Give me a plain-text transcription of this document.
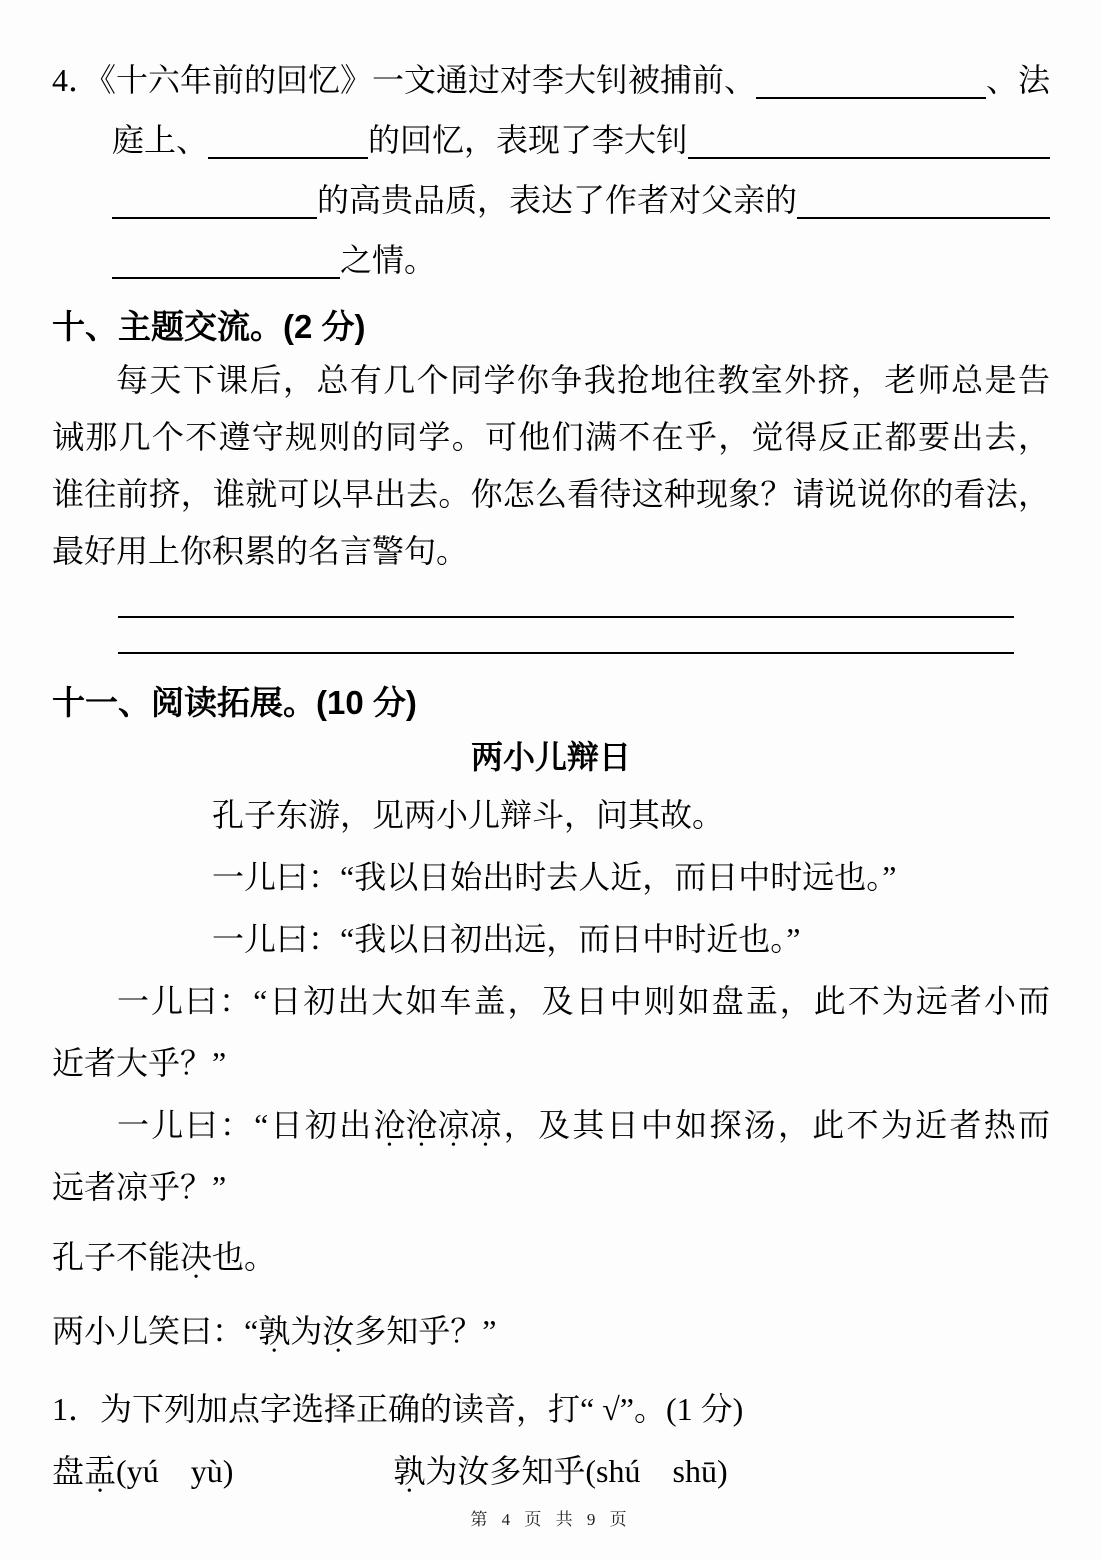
4．《十六年前的回忆》一文通过对李大钊被捕前、	、法
庭上、	的回忆，表现了李大钊
的高贵品质，表达了作者对父亲的
之情。
十、主题交流。(2 分)
每天下课后，总有几个同学你争我抢地往教室外挤，老师总是告
诫那几个不遵守规则的同学。可他们满不在乎，觉得反正都要出去，
谁往前挤，谁就可以早出去。你怎么看待这种现象？请说说你的看法，
最好用上你积累的名言警句。
十一、阅读拓展。(10 分)
两小儿辩日
孔子东游，见两小儿辩斗，问其故。
一儿曰：“我以日始出时去人近，而日中时远也。”
一儿曰：“我以日初出远，而日中时近也。”
一儿曰：“日初出大如车盖，及日中则如盘盂，此不为远者小而
近者大乎？”
一儿曰：“日初出沧沧凉凉，及其日中如探汤，此不为近者热而
远者凉乎？”
孔子不能决也。
两小儿笑曰：“孰为汝多知乎？”
1．为下列加点字选择正确的读音，打“ √”。(1 分)
盘盂(yú　yù)	孰为汝多知乎(shú　shū)
第 4 页 共 9 页
